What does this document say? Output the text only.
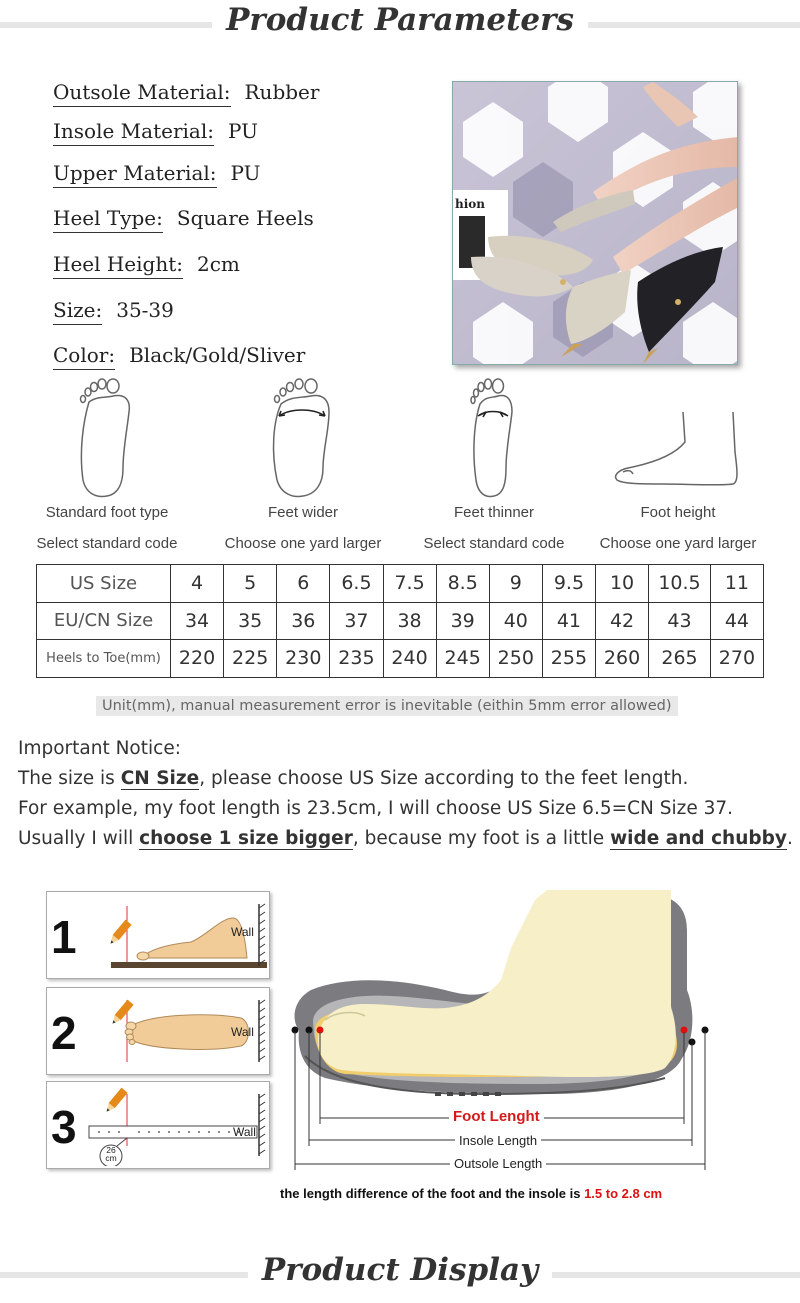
Product Parameters
Outsole Material: Rubber
Insole Material: PU
Upper Material: PU
Heel Type: Square Heels
Heel Height: 2cm
Size: 35-39
Color: Black/Gold/Sliver
hion
Standard foot type
Select standard code
Feet wider
Choose one yard larger
Feet thinner
Select standard code
Foot height
Choose one yard larger
US Size	4	5	6	6.5	7.5	8.5	9	9.5	10	10.5	11
EU/CN Size	34	35	36	37	38	39	40	41	42	43	44
Heels to Toe(mm)	220	225	230	235	240	245	250	255	260	265	270
Unit(mm), manual measurement error is inevitable (eithin 5mm error allowed)
Important Notice:
The size is CN Size, please choose US Size according to the feet length.
For example, my foot length is 23.5cm, I will choose US Size 6.5=CN Size 37.
Usually I will choose 1 size bigger, because my foot is a little wide and chubby.
1	Wall
2	Wall
3	26
cm
Wall
Foot Lenght
Insole Length
Outsole Length
the length difference of the foot and the insole is 1.5 to 2.8 cm
Product Display
